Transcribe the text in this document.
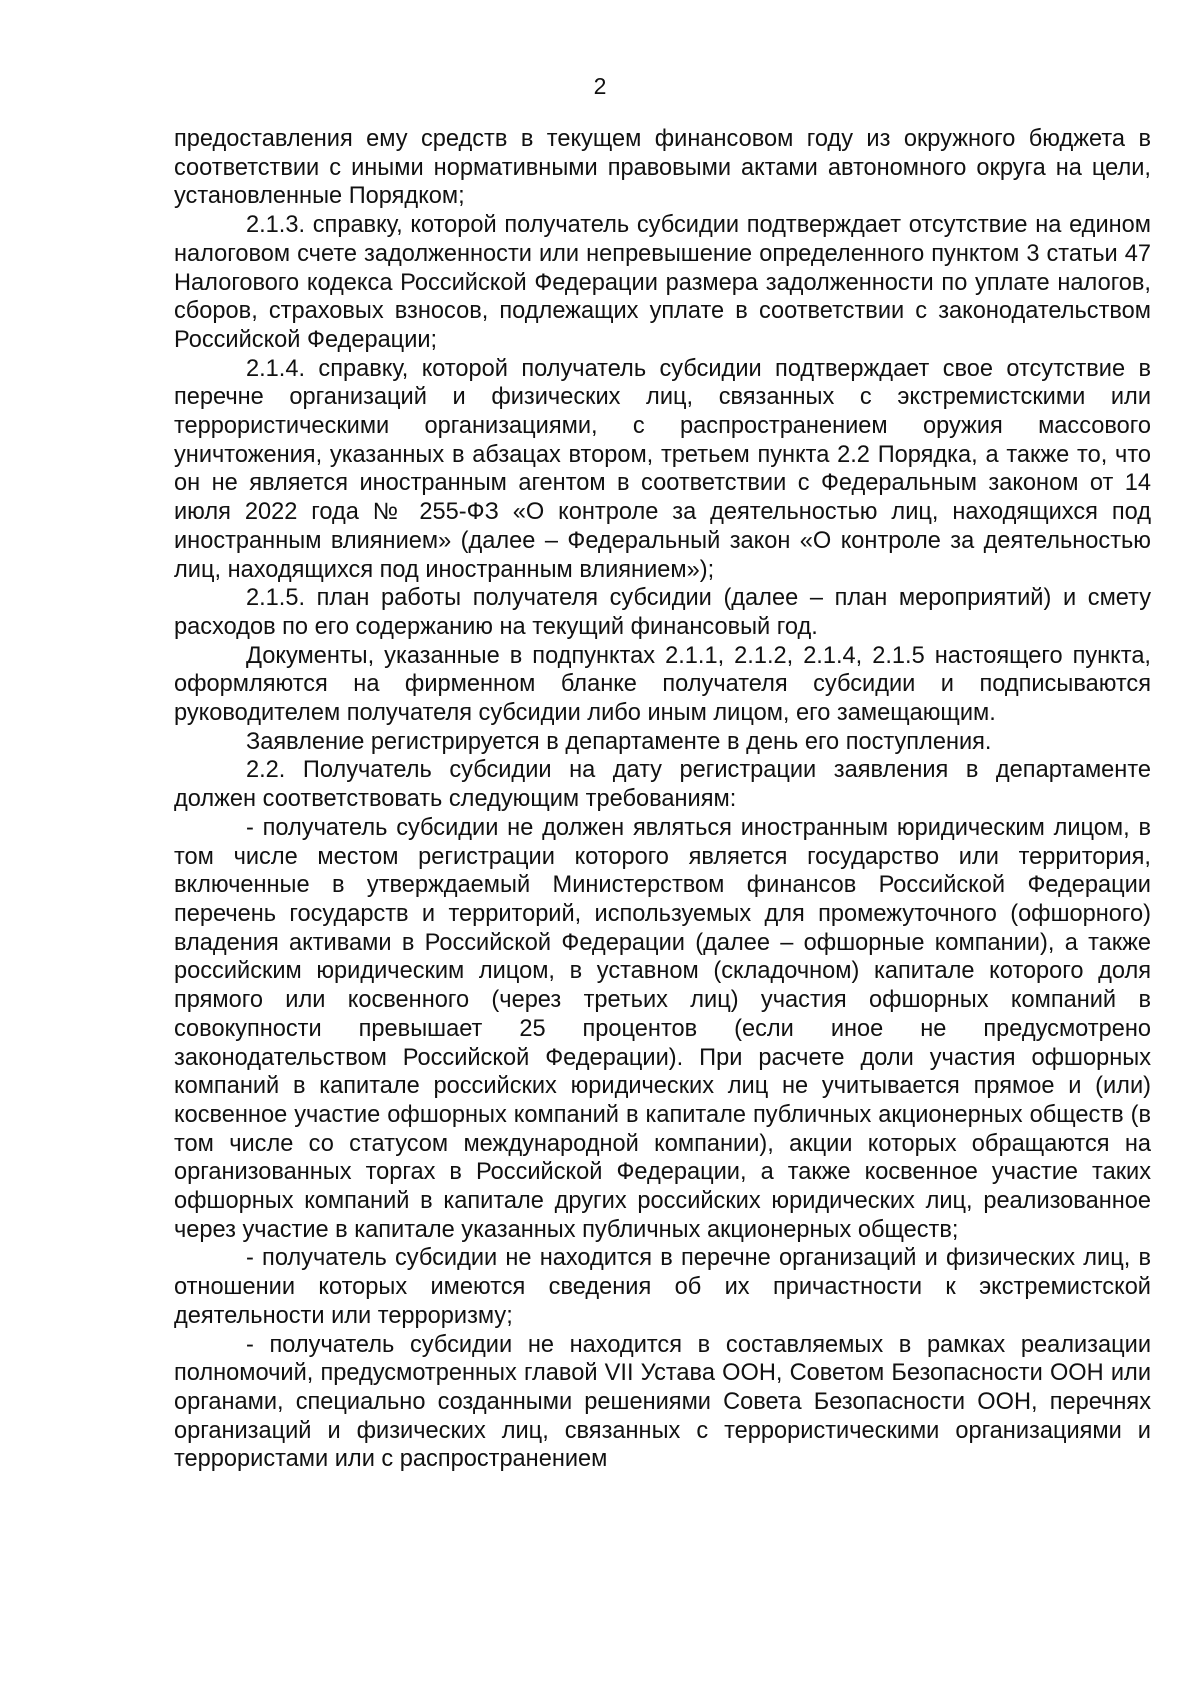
2

предоставления ему средств в текущем финансовом году из окружного бюджета в соответствии с иными нормативными правовыми актами автономного округа на цели, установленные Порядком;

2.1.3. справку, которой получатель субсидии подтверждает отсутствие на едином налоговом счете задолженности или непревышение определенного пунктом 3 статьи 47 Налогового кодекса Российской Федерации размера задолженности по уплате налогов, сборов, страховых взносов, подлежащих уплате в соответствии с законодательством Российской Федерации;

2.1.4. справку, которой получатель субсидии подтверждает свое отсутствие в перечне организаций и физических лиц, связанных с экстремистскими или террористическими организациями, с распространением оружия массового уничтожения, указанных в абзацах втором, третьем пункта 2.2 Порядка, а также то, что он не является иностранным агентом в соответствии с Федеральным законом от 14 июля 2022 года № 255-ФЗ «О контроле за деятельностью лиц, находящихся под иностранным влиянием» (далее – Федеральный закон «О контроле за деятельностью лиц, находящихся под иностранным влиянием»);

2.1.5. план работы получателя субсидии (далее – план мероприятий) и смету расходов по его содержанию на текущий финансовый год.

Документы, указанные в подпунктах 2.1.1, 2.1.2, 2.1.4, 2.1.5 настоящего пункта, оформляются на фирменном бланке получателя субсидии и подписываются руководителем получателя субсидии либо иным лицом, его замещающим.

Заявление регистрируется в департаменте в день его поступления.

2.2. Получатель субсидии на дату регистрации заявления в департаменте должен соответствовать следующим требованиям:

- получатель субсидии не должен являться иностранным юридическим лицом, в том числе местом регистрации которого является государство или территория, включенные в утверждаемый Министерством финансов Российской Федерации перечень государств и территорий, используемых для промежуточного (офшорного) владения активами в Российской Федерации (далее – офшорные компании), а также российским юридическим лицом, в уставном (складочном) капитале которого доля прямого или косвенного (через третьих лиц) участия офшорных компаний в совокупности превышает 25 процентов (если иное не предусмотрено законодательством Российской Федерации). При расчете доли участия офшорных компаний в капитале российских юридических лиц не учитывается прямое и (или) косвенное участие офшорных компаний в капитале публичных акционерных обществ (в том числе со статусом международной компании), акции которых обращаются на организованных торгах в Российской Федерации, а также косвенное участие таких офшорных компаний в капитале других российских юридических лиц, реализованное через участие в капитале указанных публичных акционерных обществ;

- получатель субсидии не находится в перечне организаций и физических лиц, в отношении которых имеются сведения об их причастности к экстремистской деятельности или терроризму;

- получатель субсидии не находится в составляемых в рамках реализации полномочий, предусмотренных главой VII Устава ООН, Советом Безопасности ООН или органами, специально созданными решениями Совета Безопасности ООН, перечнях организаций и физических лиц, связанных с террористическими организациями и террористами или с распространением
